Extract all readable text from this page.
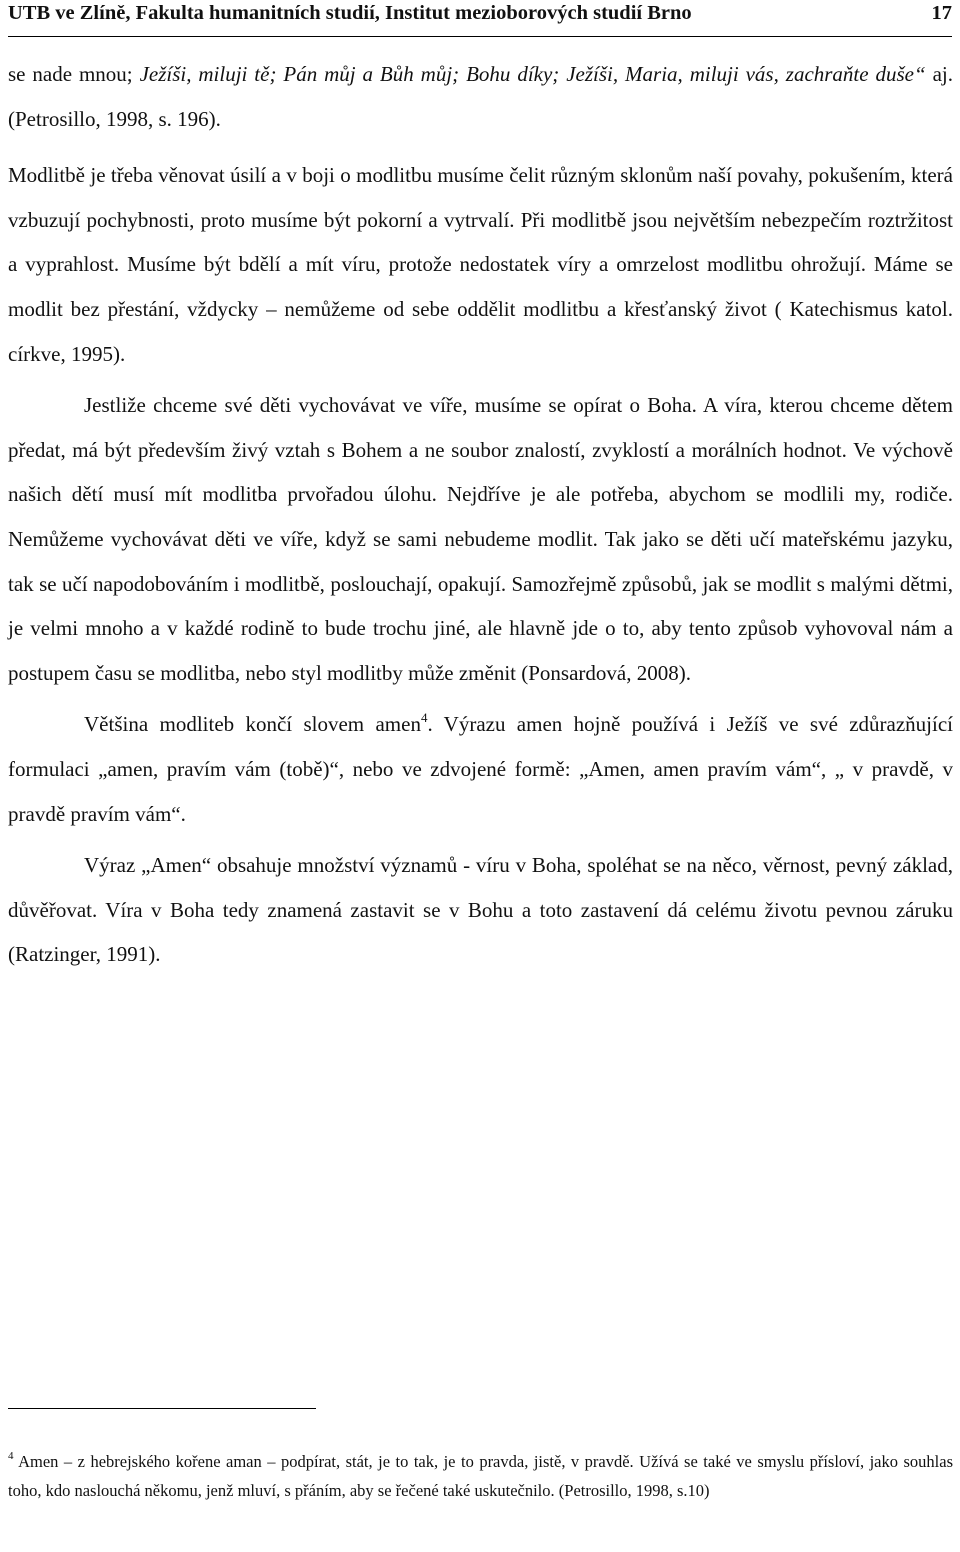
UTB ve Zlíně, Fakulta humanitních studií, Institut mezioborových studií Brno	17

se nade mnou; Ježíši, miluji tě; Pán můj a Bůh můj; Bohu díky; Ježíši, Maria, miluji vás, zachraňte duše“ aj. (Petrosillo, 1998, s. 196).

Modlitbě je třeba věnovat úsilí a v boji o modlitbu musíme čelit různým sklonům naší povahy, pokušením, která vzbuzují pochybnosti, proto musíme být pokorní a vytrvalí. Při modlitbě jsou největším nebezpečím roztržitost a vyprahlost. Musíme být bdělí a mít víru, protože nedostatek víry a omrzelost modlitbu ohrožují. Máme se modlit bez přestání, vždycky – nemůžeme od sebe oddělit modlitbu a křesťanský život ( Katechismus katol. církve, 1995).

Jestliže chceme své děti vychovávat ve víře, musíme se opírat o Boha. A víra, kterou chceme dětem předat, má být především živý vztah s Bohem a ne soubor znalostí, zvyklostí a morálních hodnot. Ve výchově našich dětí musí mít modlitba prvořadou úlohu. Nejdříve je ale potřeba, abychom se modlili my, rodiče. Nemůžeme vychovávat děti ve víře, když se sami nebudeme modlit. Tak jako se děti učí mateřskému jazyku, tak se učí napodobováním i modlitbě, poslouchají, opakují. Samozřejmě způsobů, jak se modlit s malými dětmi, je velmi mnoho a v každé rodině to bude trochu jiné, ale hlavně jde o to, aby tento způsob vyhovoval nám a postupem času se modlitba, nebo styl modlitby může změnit (Ponsardová, 2008).

Většina modliteb končí slovem amen$^4$. Výrazu amen hojně používá i Ježíš ve své zdůrazňující formulaci „amen, pravím vám (tobě)“, nebo ve zdvojené formě: „Amen, amen pravím vám“, „ v pravdě, v pravdě pravím vám“.

Výraz „Amen“ obsahuje množství významů - víru v Boha, spoléhat se na něco, věrnost, pevný základ, důvěřovat. Víra v Boha tedy znamená zastavit se v Bohu a toto zastavení dá celému životu pevnou záruku (Ratzinger, 1991).

$^4$ Amen – z hebrejského kořene aman – podpírat, stát, je to tak, je to pravda, jistě, v pravdě. Užívá se také ve smyslu přísloví, jako souhlas toho, kdo naslouchá někomu, jenž mluví, s přáním, aby se řečené také uskutečnilo. (Petrosillo, 1998, s.10)
